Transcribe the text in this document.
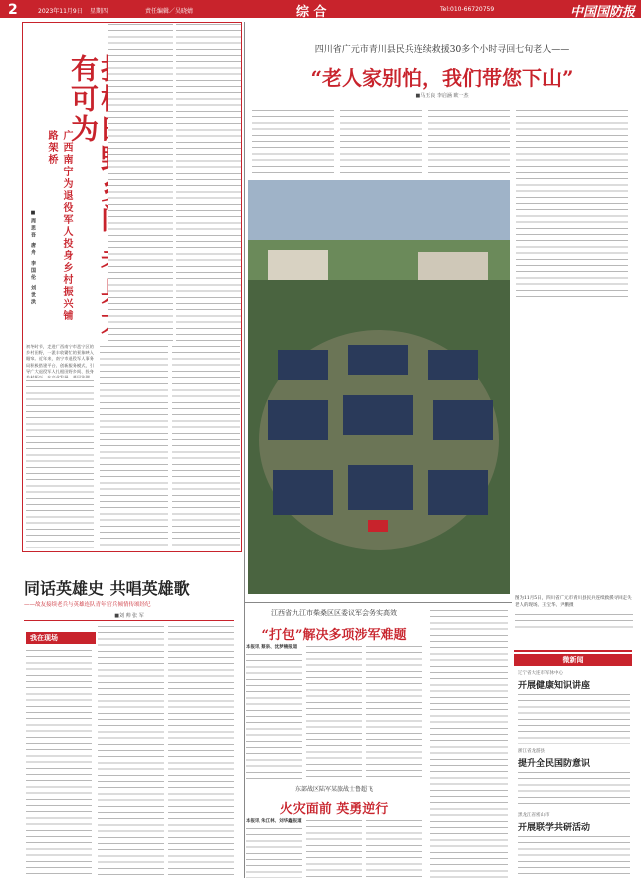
2	2023年11月9日 星期四	责任编辑／吴晓婧	综 合	Tel:010-66720759	中国国防报
有可为
广西南宁为退役军人投身乡村振兴铺路架桥
■周思吾 唐舟 李国伦 刘世洪
初冬时节，走进广西南宁市邕宁区的乡村田野，一派丰收繁忙的景象映入眼帘。近年来，南宁市退役军人事务局积极搭建平台、创新服务模式，引导广大退役军人扎根田野乡间、投身
四川省广元市青川县民兵连续救援30多个小时寻回七旬老人——
“老人家别怕，我们带您下山”
■马玉良 李启涵 欧一杰
图为11月5日，四川省广元市青川县民兵连续救援寻回走失老人的现场。王宝华、尹鹏摄
同话英雄史 共唱英雄歌
——故友接续老兵与英雄连队青年官兵倾情传颂经纪
■刘 帅 张 军
我在现场
江西省九江市柴桑区区委议军会务实高效
“打包”解决多项涉军难题
本报讯 蔡泉、沈梦楠报道
东部战区陆军某旅战士鲁超飞
火灾面前 英勇逆行
本报讯 朱江林、刘华鑫报道
微新闻
辽宁省大连市军休中心
开展健康知识讲座
浙江省龙游县
提升全民国防意识
黑龙江省密山市
开展联学共研活动
